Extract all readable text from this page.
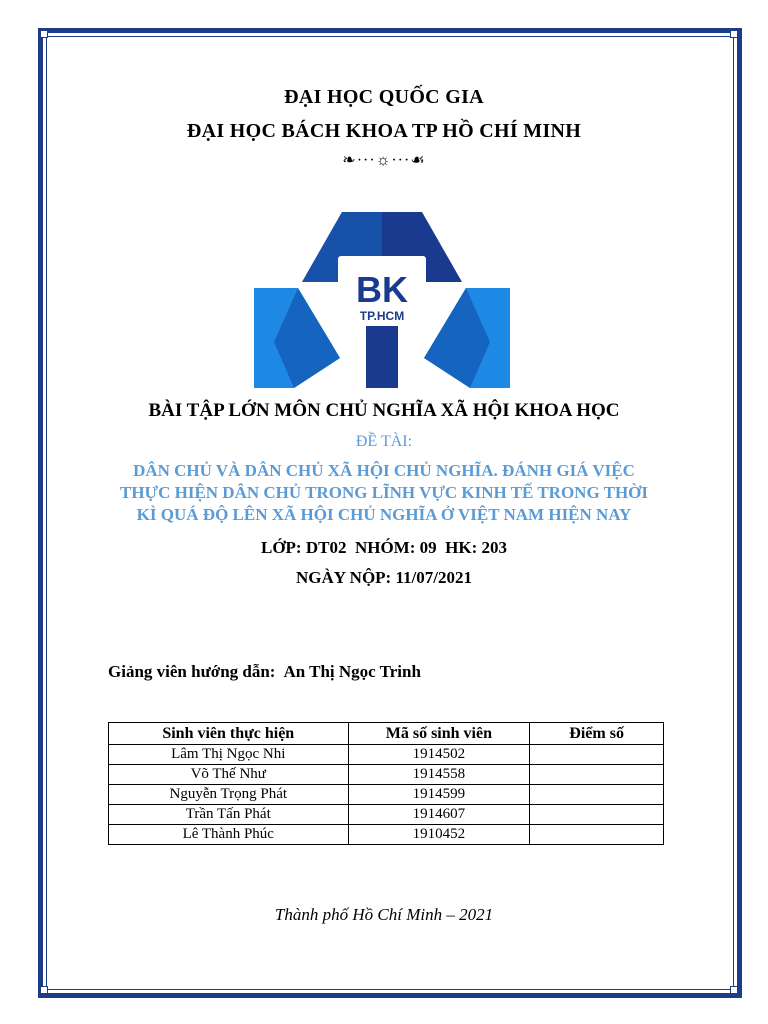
ĐẠI HỌC QUỐC GIA
ĐẠI HỌC BÁCH KHOA TP HỒ CHÍ MINH
❧···☼···☙
BK
TP.HCM
BÀI TẬP LỚN MÔN CHỦ NGHĨA XÃ HỘI KHOA HỌC
ĐỀ TÀI:
DÂN CHỦ VÀ DÂN CHỦ XÃ HỘI CHỦ NGHĨA. ĐÁNH GIÁ VIỆC
THỰC HIỆN DÂN CHỦ TRONG LĨNH VỰC KINH TẾ TRONG THỜI
KÌ QUÁ ĐỘ LÊN XÃ HỘI CHỦ NGHĨA Ở VIỆT NAM HIỆN NAY
LỚP: DT02  NHÓM: 09  HK: 203
NGÀY NỘP: 11/07/2021
Giảng viên hướng dẫn: An Thị Ngọc Trinh
Sinh viên thực hiện	Mã số sinh viên	Điểm số
Lâm Thị Ngọc Nhi	1914502	
Võ Thế Như	1914558	
Nguyễn Trọng Phát	1914599	
Trần Tấn Phát	1914607	
Lê Thành Phúc	1910452	
Thành phố Hồ Chí Minh – 2021
